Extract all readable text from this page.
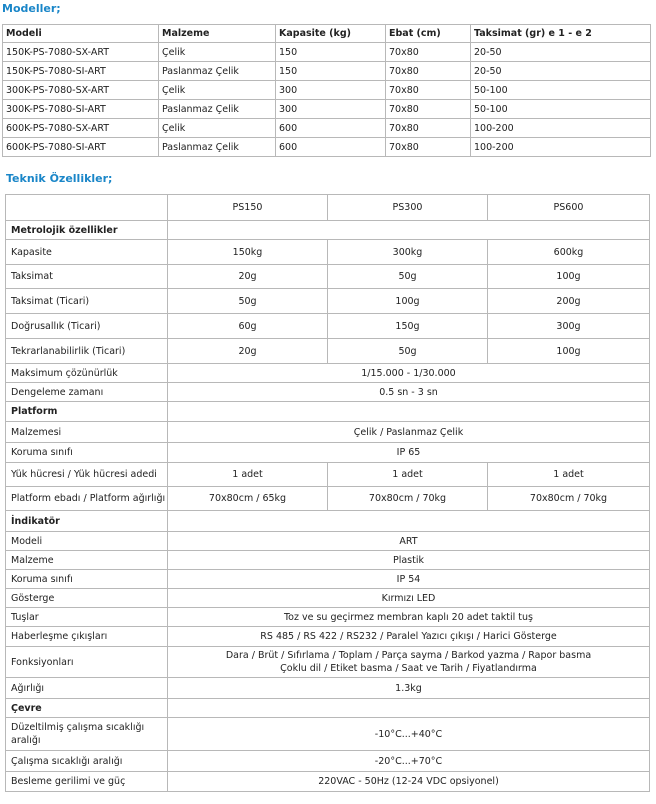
Modeller;
Modeli	Malzeme	Kapasite (kg)	Ebat (cm)	Taksimat (gr) e 1 - e 2
150K-PS-7080-SX-ART	Çelik	150	70x80	20-50
150K-PS-7080-SI-ART	Paslanmaz Çelik	150	70x80	20-50
300K-PS-7080-SX-ART	Çelik	300	70x80	50-100
300K-PS-7080-SI-ART	Paslanmaz Çelik	300	70x80	50-100
600K-PS-7080-SX-ART	Çelik	600	70x80	100-200
600K-PS-7080-SI-ART	Paslanmaz Çelik	600	70x80	100-200
Teknik Özellikler;
	PS150	PS300	PS600
Metrolojik özellikler			
Kapasite	150kg	300kg	600kg
Taksimat	20g	50g	100g
Taksimat (Ticari)	50g	100g	200g
Doğrusallık (Ticari)	60g	150g	300g
Tekrarlanabilirlik (Ticari)	20g	50g	100g

Maksimum çözünürlük	1/15.000 - 1/30.000		

Dengeleme zamanı	0.5 sn - 3 sn		

Platform			

Malzemesi	Çelik / Paslanmaz Çelik		

Koruma sınıfı	IP 65		

Yük hücresi / Yük hücresi adedi	1 adet	1 adet	1 adet
Platform ebadı / Platform ağırlığı	70x80cm / 65kg	70x80cm / 70kg	70x80cm / 70kg
İndikatör			

Modeli	ART		

Malzeme	Plastik		

Koruma sınıfı	IP 54		

Gösterge	Kırmızı LED		

Tuşlar	Toz ve su geçirmez membran kaplı 20 adet taktil tuş		

Haberleşme çıkışları	RS 485 / RS 422 / RS232 / Paralel Yazıcı çıkışı / Harici Gösterge		

Fonksiyonları	Dara / Brüt / Sıfırlama / Toplam / Parça sayma / Barkod yazma / Rapor basma
Çoklu dil / Etiket basma / Saat ve Tarih / Fiyatlandırma		

Ağırlığı	1.3kg		

Çevre			

Düzeltilmiş çalışma sıcaklığı
aralığı	-10°C...+40°C		

Çalışma sıcaklığı aralığı	-20°C...+70°C		

Besleme gerilimi ve güç	220VAC - 50Hz (12-24 VDC opsiyonel)		
